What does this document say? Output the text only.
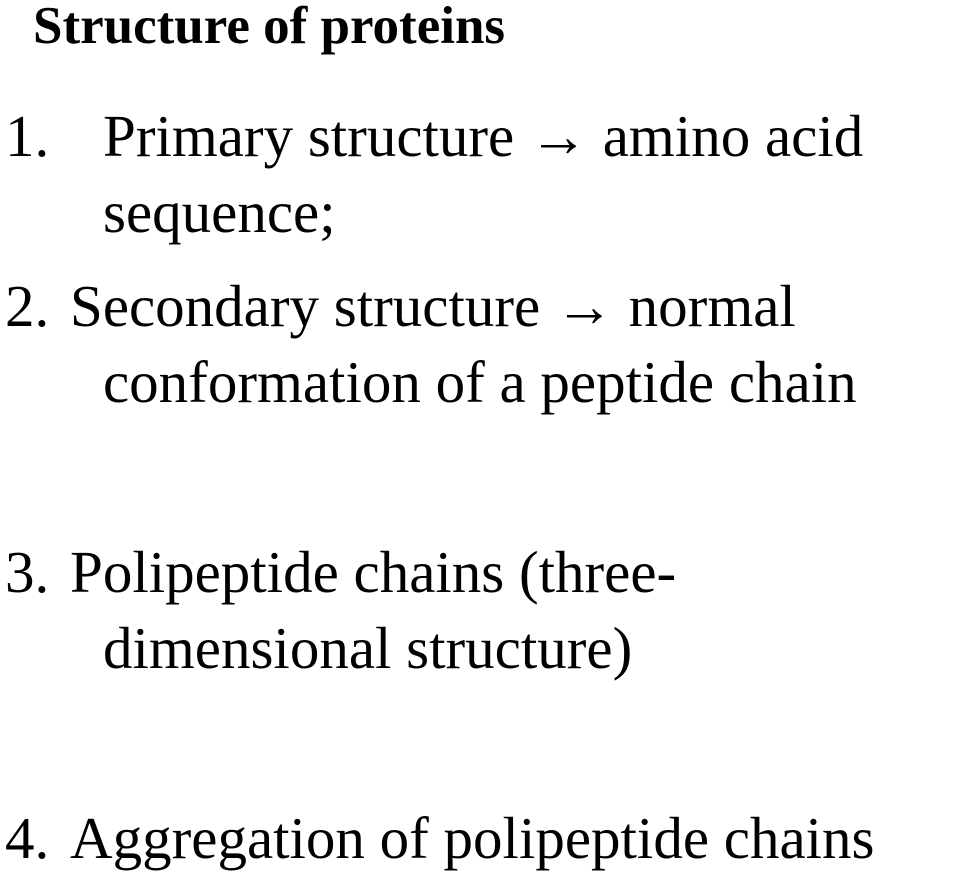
Structure of proteins
1. Primary structure → amino acid
sequence;
2. Secondary structure → normal
conformation of a peptide chain
3. Polipeptide chains (three-
dimensional structure)
4. Aggregation of polipeptide chains
